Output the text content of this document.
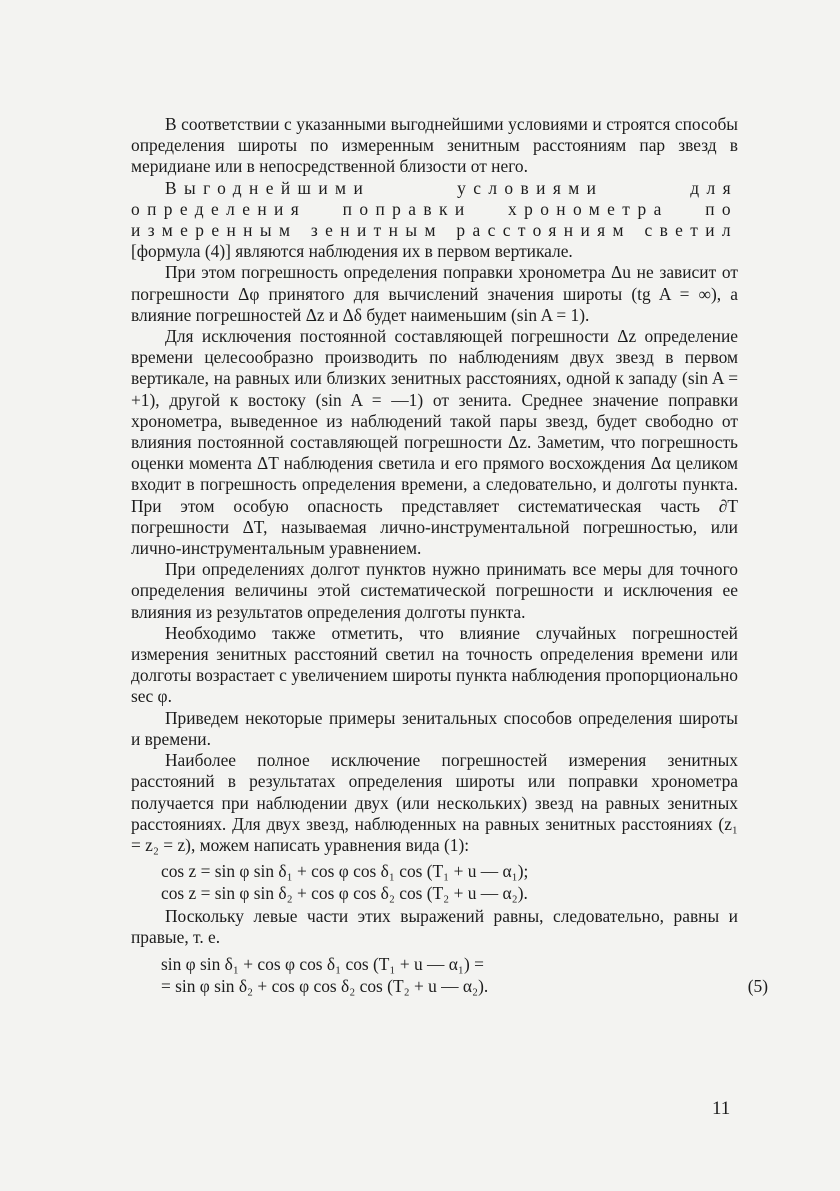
В соответствии с указанными выгоднейшими условиями и строятся способы определения широты по измеренным зенитным расстояниям пар звезд в меридиане или в непосредственной близости от него.

Выгоднейшими условиями для определения поправки хронометра по измеренным зенитным расстояниям светил [формула (4)] являются наблюдения их в первом вертикале.

При этом погрешность определения поправки хронометра Δu не зависит от погрешности Δφ принятого для вычислений значения широты (tg A = ∞), а влияние погрешностей Δz и Δδ будет наименьшим (sin A = 1).

Для исключения постоянной составляющей погрешности Δz определение времени целесообразно производить по наблюдениям двух звезд в первом вертикале, на равных или близких зенитных расстояниях, одной к западу (sin A = +1), другой к востоку (sin A = —1) от зенита. Среднее значение поправки хронометра, выведенное из наблюдений такой пары звезд, будет свободно от влияния постоянной составляющей погрешности Δz. Заметим, что погрешность оценки момента ΔT наблюдения светила и его прямого восхождения Δα целиком входит в погрешность определения времени, а следовательно, и долготы пункта. При этом особую опасность представляет систематическая часть ∂T погрешности ΔT, называемая лично-инструментальной погрешностью, или лично-инструментальным уравнением.

При определениях долгот пунктов нужно принимать все меры для точного определения величины этой систематической погрешности и исключения ее влияния из результатов определения долготы пункта.

Необходимо также отметить, что влияние случайных погрешностей измерения зенитных расстояний светил на точность определения времени или долготы возрастает с увеличением широты пункта наблюдения пропорционально sec φ.

Приведем некоторые примеры зенитальных способов определения широты и времени.

Наиболее полное исключение погрешностей измерения зенитных расстояний в результатах определения широты или поправки хронометра получается при наблюдении двух (или нескольких) звезд на равных зенитных расстояниях. Для двух звезд, наблюденных на равных зенитных расстояниях (z₁ = z₂ = z), можем написать уравнения вида (1):

cos z = sin φ sin δ₁ + cos φ cos δ₁ cos (T₁ + u — α₁);
cos z = sin φ sin δ₂ + cos φ cos δ₂ cos (T₂ + u — α₂).

Поскольку левые части этих выражений равны, следовательно, равны и правые, т. е.

sin φ sin δ₁ + cos φ cos δ₁ cos (T₁ + u — α₁) =
= sin φ sin δ₂ + cos φ cos δ₂ cos (T₂ + u — α₂).	(5)
11
